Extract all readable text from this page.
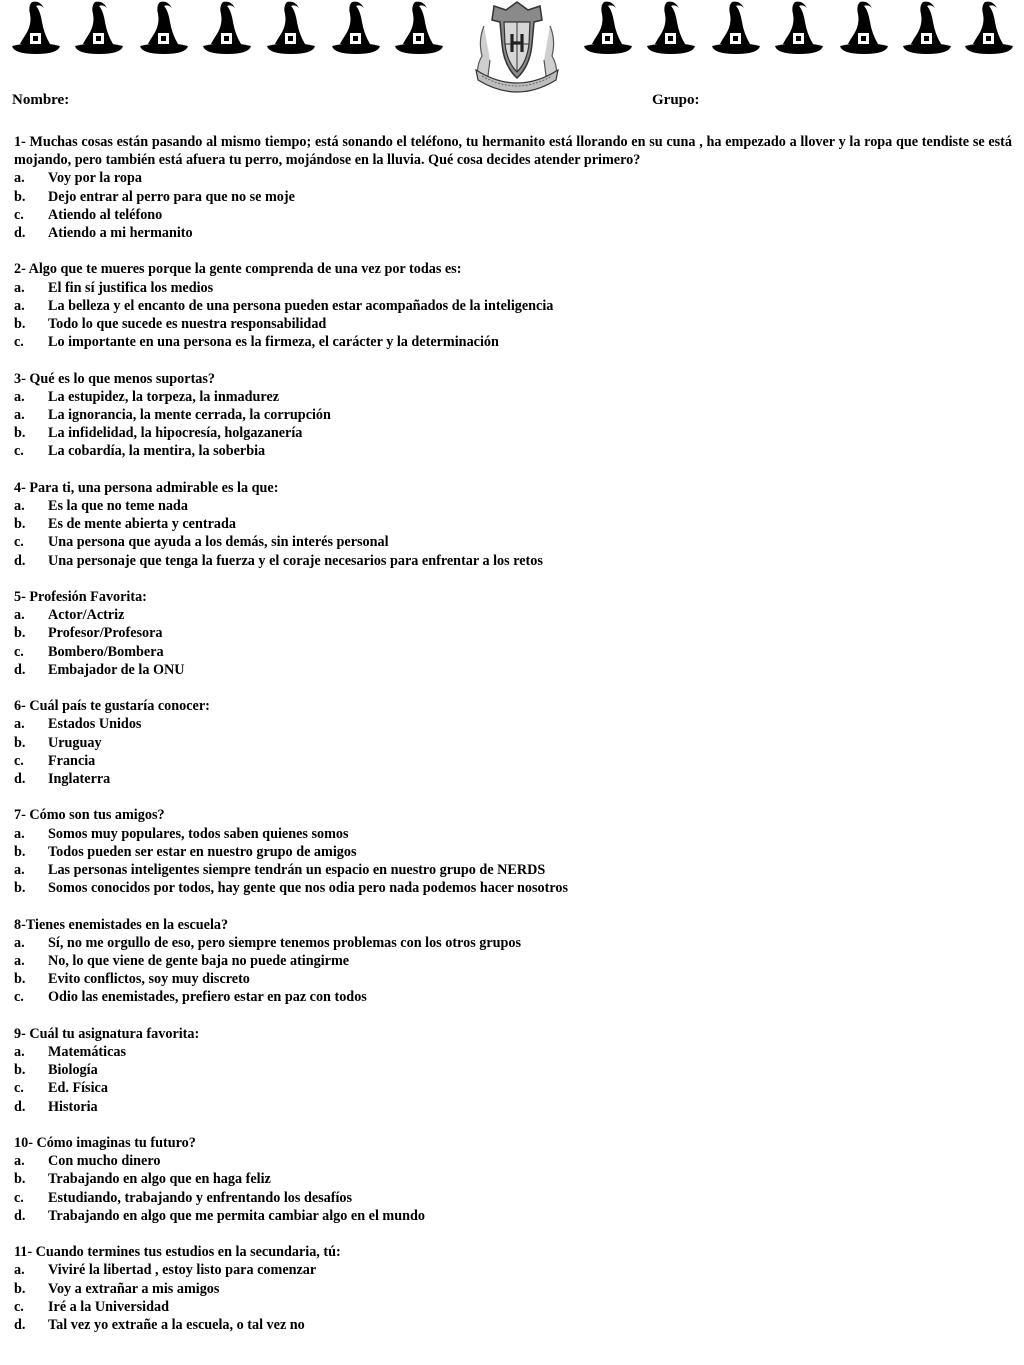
Nombre:	Grupo:

1- Muchas cosas están pasando al mismo tiempo; está sonando el teléfono, tu hermanito está llorando en su cuna , ha empezado a llover y la ropa que tendiste se está mojando, pero también está afuera tu perro, mojándose en la lluvia. Qué cosa decides atender primero?

a.	Voy por la ropa
b.	Dejo entrar al perro para que no se moje
c.	Atiendo al teléfono
d.	Atiendo a mi hermanito

2- Algo que te mueres porque la gente comprenda de una vez por todas es:

a.	El fin sí justifica los medios
a.	La belleza y el encanto de una persona pueden estar acompañados de la inteligencia
b.	Todo lo que sucede es nuestra responsabilidad
c.	Lo importante en una persona es la firmeza, el carácter y la determinación

3- Qué es lo que menos suportas?

a.	La estupidez, la torpeza, la inmadurez
a.	La ignorancia, la mente cerrada, la corrupción
b.	La infidelidad, la hipocresía, holgazanería
c.	La cobardía, la mentira, la soberbia

4- Para ti, una persona admirable es la que:

a.	Es la que no teme nada
b.	Es de mente abierta y centrada
c.	Una persona que ayuda a los demás, sin interés personal
d.	Una personaje que tenga la fuerza y el coraje necesarios para enfrentar a los retos

5- Profesión Favorita:

a.	Actor/Actriz
b.	Profesor/Profesora
c.	Bombero/Bombera
d.	Embajador de la ONU

6- Cuál país te gustaría conocer:

a.	Estados Unidos
b.	Uruguay
c.	Francia
d.	Inglaterra

7- Cómo son tus amigos?

a.	Somos muy populares, todos saben quienes somos
b.	Todos pueden ser estar en nuestro grupo de amigos
a.	Las personas inteligentes siempre tendrán un espacio en nuestro grupo de NERDS
b.	Somos conocidos por todos, hay gente que nos odia pero nada podemos hacer nosotros

8-Tienes enemistades en la escuela?

a.	Sí, no me orgullo de eso, pero siempre tenemos problemas con los otros grupos
a.	No, lo que viene de gente baja no puede atingirme
b.	Evito conflictos, soy muy discreto
c.	Odio las enemistades, prefiero estar en paz con todos

9- Cuál tu asignatura favorita:

a.	Matemáticas
b.	Biología
c.	Ed. Física
d.	Historia

10- Cómo imaginas tu futuro?

a.	Con mucho dinero
b.	Trabajando en algo que en haga feliz
c.	Estudiando, trabajando y enfrentando los desafíos
d.	Trabajando en algo que me permita cambiar algo en el mundo

11- Cuando termines tus estudios en la secundaria, tú:

a.	Viviré la libertad , estoy listo para comenzar
b.	Voy a extrañar a mis amigos
c.	Iré a la Universidad
d.	Tal vez yo extrañe a la escuela, o tal vez no
